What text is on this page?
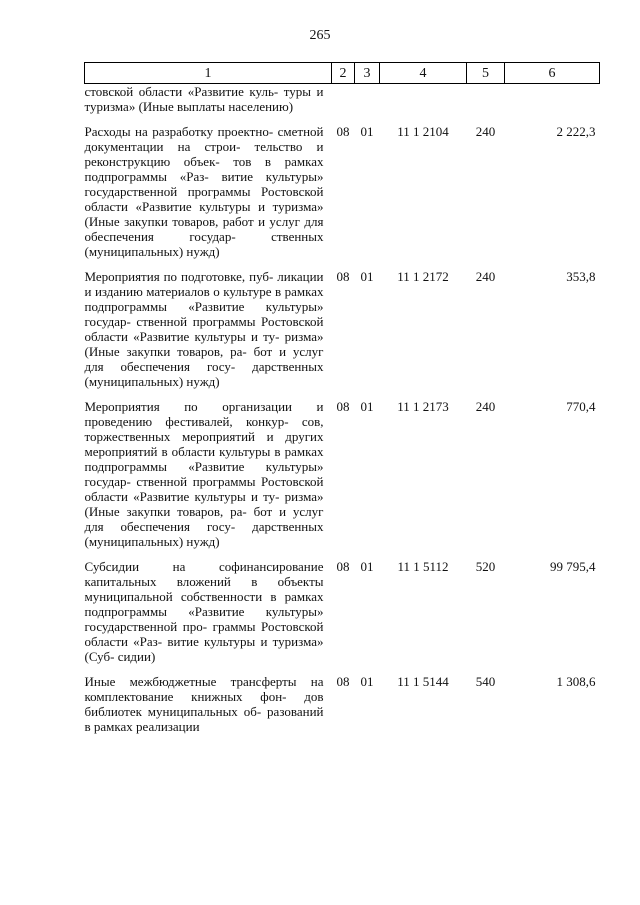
265
1	2	3	4	5	6
стовской области «Развитие куль- туры и туризма» (Иные выплаты населению)					
Расходы на разработку проектно- сметной документации на строи- тельство и реконструкцию объек- тов в рамках подпрограммы «Раз- витие культуры» государственной программы Ростовской области «Развитие культуры и туризма» (Иные закупки товаров, работ и услуг для обеспечения государ- ственных (муниципальных) нужд)	08	01	11 1 2104	240	2 222,3
Мероприятия по подготовке, пуб- ликации и изданию материалов о культуре в рамках подпрограммы «Развитие культуры» государ- ственной программы Ростовской области «Развитие культуры и ту- ризма» (Иные закупки товаров, ра- бот и услуг для обеспечения госу- дарственных (муниципальных) нужд)	08	01	11 1 2172	240	353,8
Мероприятия по организации и проведению фестивалей, конкур- сов, торжественных мероприятий и других мероприятий в области культуры в рамках подпрограммы «Развитие культуры» государ- ственной программы Ростовской области «Развитие культуры и ту- ризма» (Иные закупки товаров, ра- бот и услуг для обеспечения госу- дарственных (муниципальных) нужд)	08	01	11 1 2173	240	770,4
Субсидии на софинансирование капитальных вложений в объекты муниципальной собственности в рамках подпрограммы «Развитие культуры» государственной про- граммы Ростовской области «Раз- витие культуры и туризма» (Суб- сидии)	08	01	11 1 5112	520	99 795,4
Иные межбюджетные трансферты на комплектование книжных фон- дов библиотек муниципальных об- разований в рамках реализации	08	01	11 1 5144	540	1 308,6
